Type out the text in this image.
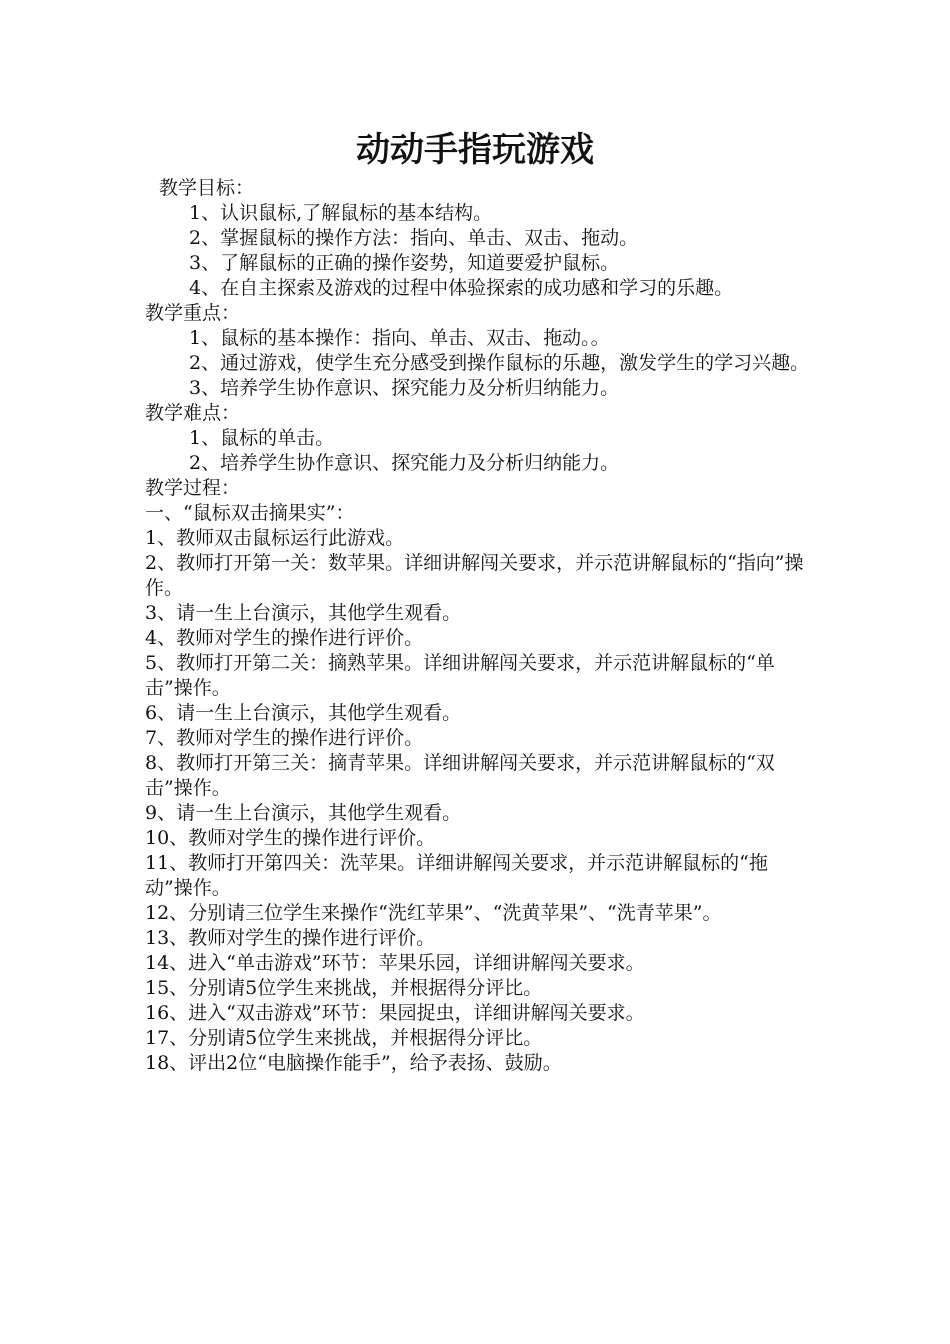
动动手指玩游戏

教学目标：

1、认识鼠标,了解鼠标的基本结构。

2、掌握鼠标的操作方法：指向、单击、双击、拖动。

3、了解鼠标的正确的操作姿势，知道要爱护鼠标。

4、在自主探索及游戏的过程中体验探索的成功感和学习的乐趣。

教学重点：

1、鼠标的基本操作：指向、单击、双击、拖动。。

2、通过游戏，使学生充分感受到操作鼠标的乐趣，激发学生的学习兴趣。

3、培养学生协作意识、探究能力及分析归纳能力。

教学难点：

1、鼠标的单击。

2、培养学生协作意识、探究能力及分析归纳能力。

教学过程：

一、“鼠标双击摘果实”：

1、教师双击鼠标运行此游戏。

2、教师打开第一关：数苹果。详细讲解闯关要求，并示范讲解鼠标的“指向”操作。

3、请一生上台演示，其他学生观看。

4、教师对学生的操作进行评价。

5、教师打开第二关：摘熟苹果。详细讲解闯关要求，并示范讲解鼠标的“单击”操作。

6、请一生上台演示，其他学生观看。

7、教师对学生的操作进行评价。

8、教师打开第三关：摘青苹果。详细讲解闯关要求，并示范讲解鼠标的“双击”操作。

9、请一生上台演示，其他学生观看。

10、教师对学生的操作进行评价。

11、教师打开第四关：洗苹果。详细讲解闯关要求，并示范讲解鼠标的“拖动”操作。

12、分别请三位学生来操作“洗红苹果”、“洗黄苹果”、“洗青苹果”。

13、教师对学生的操作进行评价。

14、进入“单击游戏”环节：苹果乐园，详细讲解闯关要求。

15、分别请5位学生来挑战，并根据得分评比。

16、进入“双击游戏”环节：果园捉虫，详细讲解闯关要求。

17、分别请5位学生来挑战，并根据得分评比。

18、评出2位“电脑操作能手”，给予表扬、鼓励。
